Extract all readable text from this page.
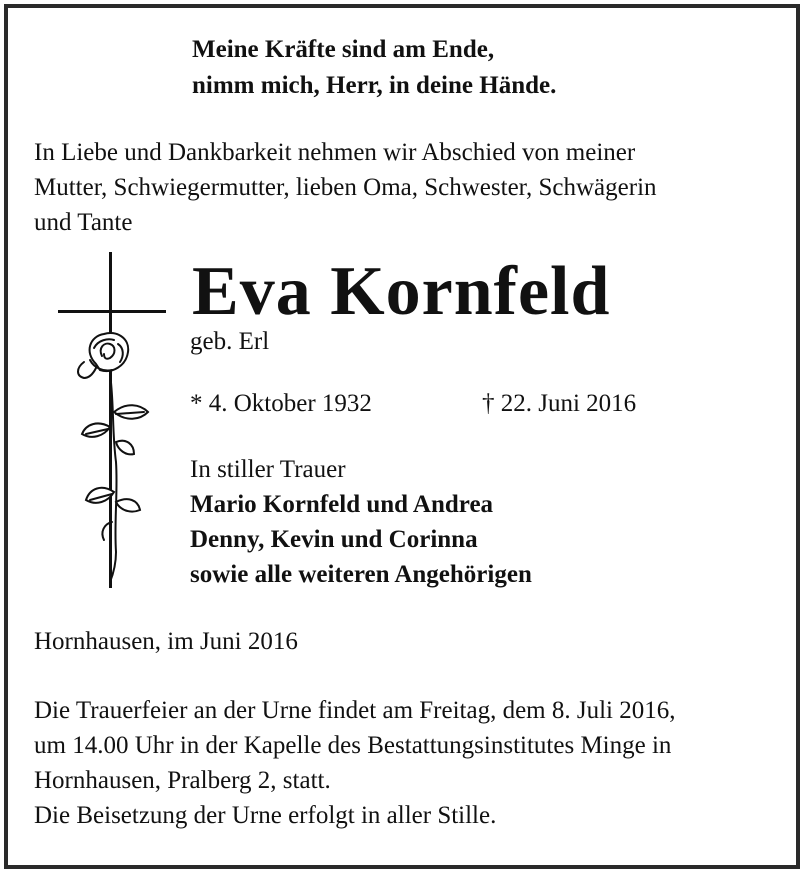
Meine Kräfte sind am Ende,
nimm mich, Herr, in deine Hände.
In Liebe und Dankbarkeit nehmen wir Abschied von meiner
Mutter, Schwiegermutter, lieben Oma, Schwester, Schwägerin
und Tante
Eva Kornfeld
geb. Erl
* 4. Oktober 1932	† 22. Juni 2016
In stiller Trauer
Mario Kornfeld und Andrea
Denny, Kevin und Corinna
sowie alle weiteren Angehörigen
Hornhausen, im Juni 2016
Die Trauerfeier an der Urne findet am Freitag, dem 8. Juli 2016,
um 14.00 Uhr in der Kapelle des Bestattungsinstitutes Minge in
Hornhausen, Pralberg 2, statt.
Die Beisetzung der Urne erfolgt in aller Stille.
